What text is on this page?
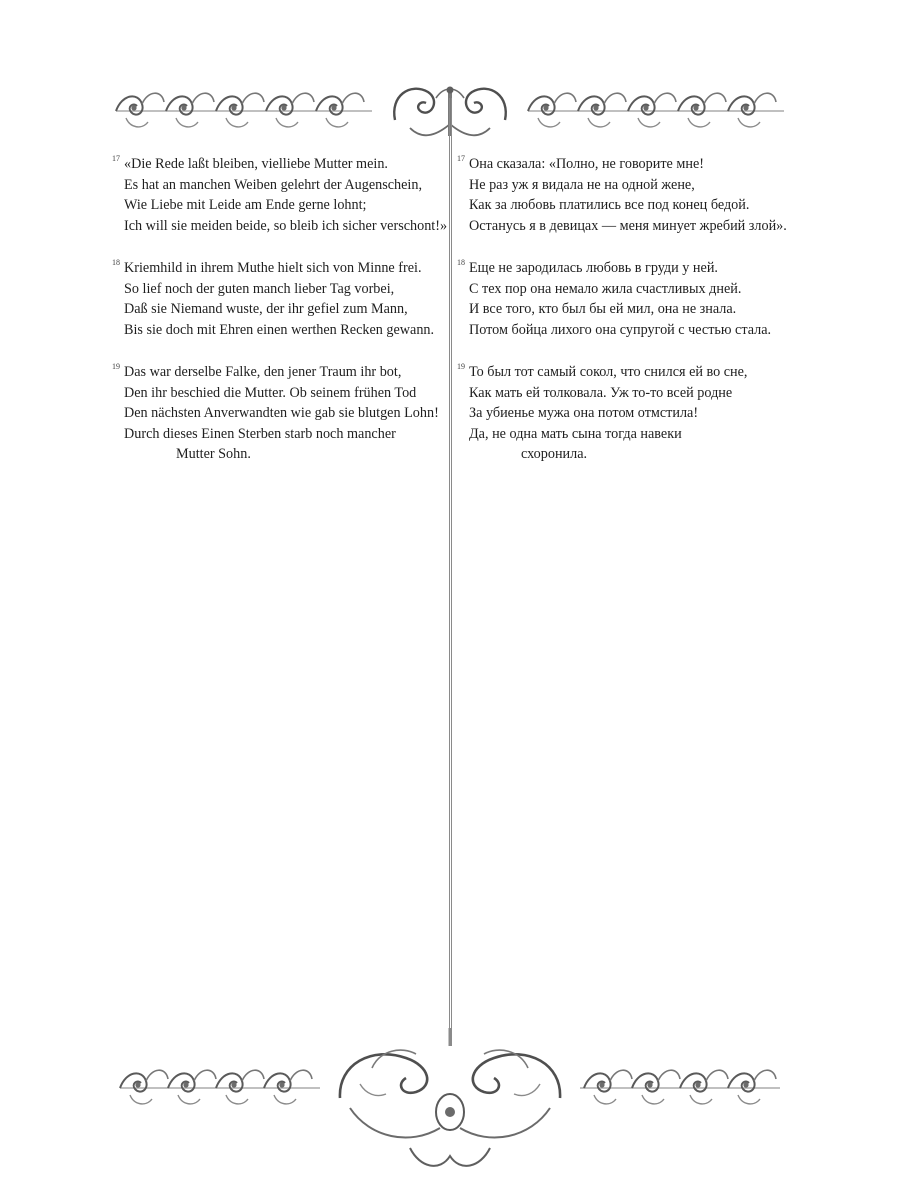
17 «Die Rede laßt bleiben, vielliebe Mutter mein.
Es hat an manchen Weiben gelehrt der Augenschein,
Wie Liebe mit Leide am Ende gerne lohnt;
Ich will sie meiden beide, so bleib ich sicher verschont!»
18 Kriemhild in ihrem Muthe hielt sich von Minne frei.
So lief noch der guten manch lieber Tag vorbei,
Daß sie Niemand wuste, der ihr gefiel zum Mann,
Bis sie doch mit Ehren einen werthen Recken gewann.
19 Das war derselbe Falke, den jener Traum ihr bot,
Den ihr beschied die Mutter. Ob seinem frühen Tod
Den nächsten Anverwandten wie gab sie blutgen Lohn!
Durch dieses Einen Sterben starb noch mancher
Mutter Sohn.
17 Она сказала: «Полно, не говорите мне!
Не раз уж я видала не на одной жене,
Как за любовь платились все под конец бедой.
Останусь я в девицах — меня минует жребий злой».
18 Еще не зародилась любовь в груди у ней.
С тех пор она немало жила счастливых дней.
И все того, кто был бы ей мил, она не знала.
Потом бойца лихого она супругой с честью стала.
19 То был тот самый сокол, что снился ей во сне,
Как мать ей толковала. Уж то-то всей родне
За убиенье мужа она потом отмстила!
Да, не одна мать сына тогда навеки
схоронила.
